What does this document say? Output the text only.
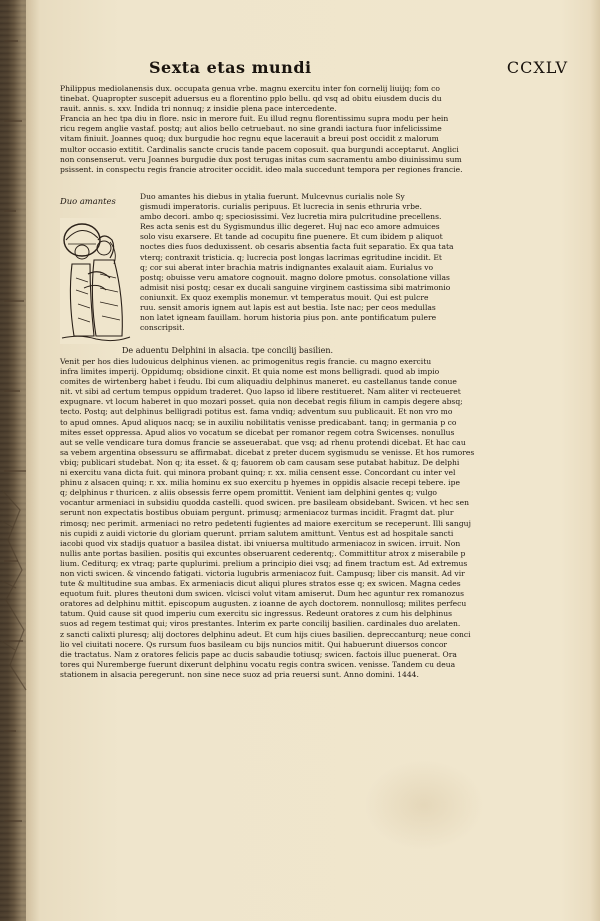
Sexta etas mundi	CCXLV

Philippus mediolanensis dux. occupata genua vrbe. magnu exercitu inter fon cornelij liuijq; fom co

tinebat. Quapropter suscepit aduersus eu a florentino pplo bellu. qd vsq ad obitu eiusdem ducis du

rauit. annis. s. xxv. Indida tri nonnuq; z insidie plena pace intercedente.

Francia an hec tpa diu in flore. nsic in merore fuit. Eu illud regnu florentissimu supra modu per hein

ricu regem anglie vastaf. postq; aut alios bello cetruebaut. no sine grandi iactura fuor infelicissime

vitam finiuit. Joannes quoq; dux burgudie hoc regnu eque lacerauit a breui post occidit z malorum

multor occasio extitit. Cardinalis sancte crucis tande pacem coposuit. qua burgundi acceptarut. Anglici

non consenserut. veru Joannes burgudie dux post terugas initas cum sacramentu ambo diuinissimu sum

psissent. in conspectu regis francie atrociter occidit. ideo mala succedunt tempora per regiones francie.

Duo amantes	Duo amantes his diebus in ytalia fuerunt. Mulcevnus curialis nole Sy

gismudi imperatoris. curialis peripuus. Et lucrecia in senis ethruria vrbe.

ambo decori. ambo q; speciosissimi. Vez lucretia mira pulcritudine precellens.

Res acta senis est du Sygismundus illic degeret. Huj nac eco amore admuices

solo visu exarsere. Et tande ad cocupitu fine puenere. Et cum ibidem p aliquot

noctes dies fuos deduxissent. ob cesaris absentia facta fuit separatio. Ex qua tata

vterq; contraxit tristicia. q; lucrecia post longas lacrimas egritudine incidit. Et

q; cor sui aberat inter brachia matris indignantes exalauit aiam. Eurialus vo

postq; obuisse veru amatore cognouit. magno dolore pmotus. consolatione villas

admisit nisi postq; cesar ex ducali sanguine virginem castissima sibi matrimonio

coniunxit. Ex quoz exemplis monemur. vt temperatus mouit. Qui est pulcre

ruu. sensit amoris ignem aut lapis est aut bestia. Iste nac; per ceos medullas

non latet igneam fauillam. horum historia pius pon. ante pontificatum pulere

conscripsit.

De aduentu Delphini in alsacia. tpe concilij basilien.

Venit per hos dies ludouicus delphinus vienen. ac primogenitus regis francie. cu magno exercitu

infra limites imperij. Oppidumq; obsidione cinxit. Et quia nome est mons belligradi. quod ab impio

comites de wirtenberg habet i feudu. Ibi cum aliquadiu delphinus maneret. eu castellanus tande conue

nit. vt sibi ad certum tempus oppidum traderet. Quo lapso id libere restitueret. Nam aliter vi recteueret

expugnare. vt locum haberet in quo mozari posset. quia non decebat regis filium in campis degere absq;

tecto. Postq; aut delphinus belligradi potitus est. fama vndiq; adventum suu publicauit. Et non vro mo

to apud omnes. Apud aliquos nacq; se in auxiliu nobilitatis venisse predicabant. tanq; in germania p co

mites esset oppressa. Apud alios vo vocatum se dicebat per romanor regem cotra Swicenses. nonullus

aut se velle vendicare tura domus francie se asseuerabat. que vsq; ad rhenu protendi dicebat. Et hac cau

sa vebem argentina obsessuru se affirmabat. dicebat z preter ducem sygismudu se venisse. Et hos rumores

vbiq; publicari studebat. Non q; ita esset. & q; fauorem ob cam causam sese putabat habituz. De delphi

ni exercitu vana dicta fuit. qui minora probant quinq; r. xx. milia censent esse. Concordant cu inter vel

phinu z alsacen quinq; r. xx. milia hominu ex suo exercitu p hyemes in oppidis alsacie recepi tebere. ipe

q; delphinus r thuricen. z aliis obsessis ferre opem promittit. Venient iam delphini gentes q; vulgo

vocantur armeniaci in subsidiu quodda castelli. quod swicen. pre basileam obsidebant. Swicen. vt hec sen

serunt non expectatis bostibus obuiam pergunt. primusq; armeniacoz turmas incidit. Fragmt dat. plur

rimosq; nec perimit. armeniaci no retro pedetenti fugientes ad maiore exercitum se receperunt. Illi sanguj

nis cupidi z auidi victorie du gloriam querunt. prriam salutem amittunt. Ventus est ad hospitale sancti

iacobi quod vix stadijs quatuor a basilea distat. ibi vniuersa multitudo armeniacoz in swicen. irruit. Non

nullis ante portas basilien. positis qui excuntes obseruarent cederentq;. Committitur atrox z miserabile p

lium. Cediturq; ex vtraq; parte quplurimi. prelium a principio diei vsq; ad finem tractum est. Ad extremus

non victi swicen. & vincendo fatigati. victoria lugubris armeniacoz fuit. Campusq; liber cis mansit. Ad vir

tute & multitudine sua ambas. Ex armeniacis dicut aliqui plures stratos esse q; ex swicen. Magna cedes

equotum fuit. plures theutoni dum swicen. vlcisci volut vitam amiserut. Dum hec aguntur rex romanozus

oratores ad delphinu mittit. episcopum augusten. z ioanne de aych doctorem. nonnullosq; milites perfecu

tatum. Quid cause sit quod imperiu cum exercitu sic ingressus. Redeunt oratores z cum his delphinus

suos ad regem testimat qui; viros prestantes. Interim ex parte concilij basilien. cardinales duo arelaten.

z sancti calixti pluresq; alij doctores delphinu adeut. Et cum hijs ciues basilien. depreccanturq; neue conci

lio vel ciuitati nocere. Qs rursum fuos basileam cu bijs nuncios mitit. Qui habuerunt diuersos concor

die tractatus. Nam z oratores felicis pape ac ducis sabaudie totiusq; swicen. factois illuc puenerat. Ora

tores qui Nuremberge fuerunt dixerunt delphinu vocatu regis contra swicen. venisse. Tandem cu deua

stationem in alsacia peregerunt. non sine nece suoz ad pria reuersi sunt. Anno domini. 1444.
